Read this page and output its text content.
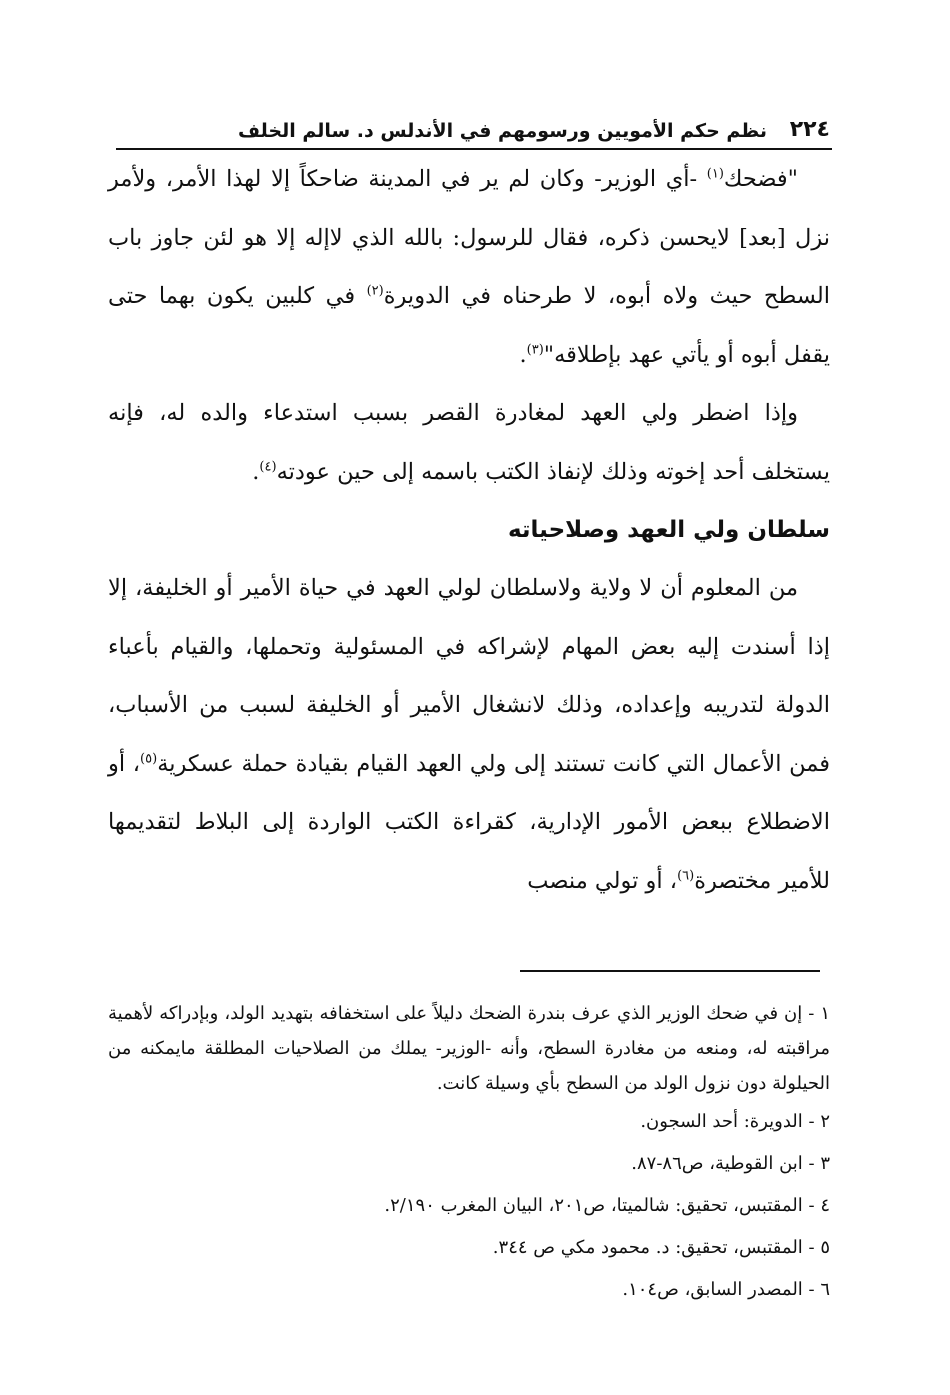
٢٢٤
نظم حكم الأمويين ورسومهم في الأندلس د. سالم الخلف

"فضحك$^{(١)}$ -أي الوزير- وكان لم ير في المدينة ضاحكاً إلا لهذا الأمر، ولأمر نزل [بعد] لايحسن ذكره، فقال للرسول: بالله الذي لاإله إلا هو لئن جاوز باب السطح حيث ولاه أبوه، لا طرحناه في الدويرة$^{(٢)}$ في كلبين يكون بهما حتى يقفل أبوه أو يأتي عهد بإطلاقه"$^{(٣)}$.

وإذا اضطر ولي العهد لمغادرة القصر بسبب استدعاء والده له، فإنه يستخلف أحد إخوته وذلك لإنفاذ الكتب باسمه إلى حين عودته$^{(٤)}$.

سلطان ولي العهد وصلاحياته

من المعلوم أن لا ولاية ولاسلطان لولي العهد في حياة الأمير أو الخليفة، إلا إذا أسندت إليه بعض المهام لإشراكه في المسئولية وتحملها، والقيام بأعباء الدولة لتدريبه وإعداده، وذلك لانشغال الأمير أو الخليفة لسبب من الأسباب، فمن الأعمال التي كانت تستند إلى ولي العهد القيام بقيادة حملة عسكرية$^{(٥)}$، أو الاضطلاع ببعض الأمور الإدارية، كقراءة الكتب الواردة إلى البلاط لتقديمها للأمير مختصرة$^{(٦)}$، أو تولي منصب

١ - إن في ضحك الوزير الذي عرف بندرة الضحك دليلاً على استخفافه بتهديد الولد، وبإدراكه لأهمية مراقبته له، ومنعه من مغادرة السطح، وأنه -الوزير- يملك من الصلاحيات المطلقة مايمكنه من الحيلولة دون نزول الولد من السطح بأي وسيلة كانت.

٢ - الدويرة: أحد السجون.

٣ - ابن القوطية، ص٨٦-٨٧.

٤ - المقتبس، تحقيق: شالميتا، ص٢٠١، البيان المغرب ٢/١٩٠.

٥ - المقتبس، تحقيق: د. محمود مكي ص ٣٤٤.

٦ - المصدر السابق، ص١٠٤.
